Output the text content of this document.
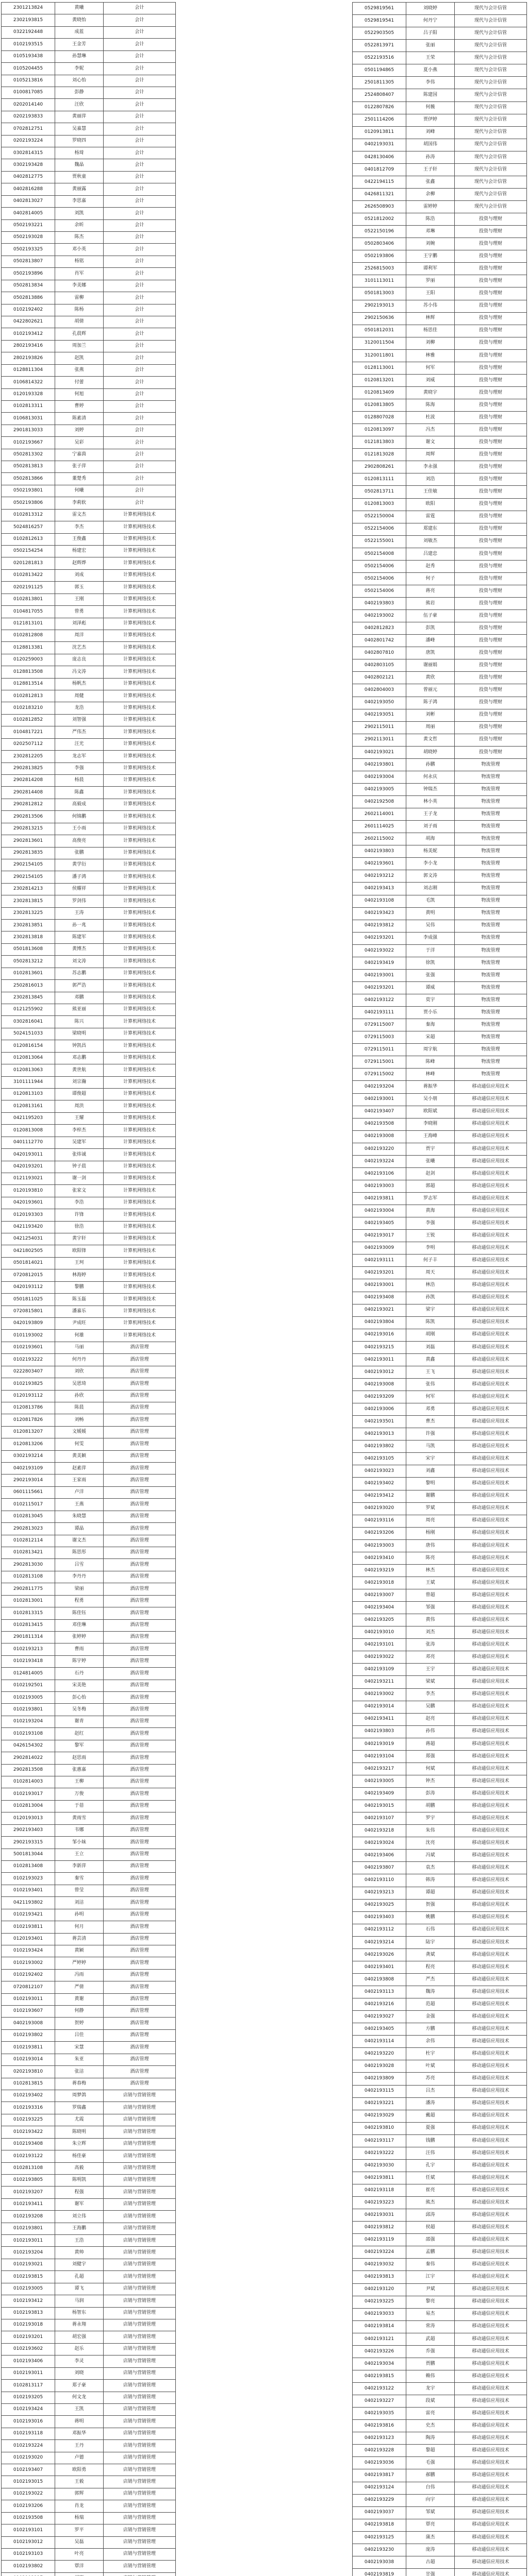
2301213824	黄曦	会计
2302193815	黄晓怡	会计
0322192448	成蓝	会计
0102193515	王金芳	会计
0105193438	孙慧琳	会计
0105204455	李妮	会计
0105213816	刘心怡	会计
0100817085	彭静	会计
0202014140	汪欣	会计
0202193833	黄丽萍	会计
0702812751	吴嘉慧	会计
0202193224	罗晓四	会计
0302814315	杨琦	会计
0302193428	魏晶	会计
0402812775	贾秋童	会计
0402816288	黄丽露	会计
0402813027	李思嘉	会计
0402814005	刘凯	会计
0502193221	余昕	会计
0502193028	陈杰	会计
0502193325	邓小英	会计
0502813807	杨铭	会计
0502193896	肖军	会计
0502813834	李美娜	会计
0502813886	雷柳	会计
0102192402	陈杨	会计
0422802621	胡倩	会计
0102193412	孔晨辉	会计
2802193416	周加兰	会计
2802193826	赵凯	会计
0128811304	张燕	会计
0106814322	付蕾	会计
0120193328	何旭	会计
0102813311	曹婷	会计
0106813031	陈素清	会计
2901813033	刘婷	会计
0102193667	吴彩	会计
0502813302	宁嘉茵	会计
0502813813	张子萍	会计
0502813866	董楚秀	会计
0502193801	何曦	会计
0502193806	李莉软	会计
0102813312	雷文杰	计算机网络技术
5024816257	李杰	计算机网络技术
0102812613	王俊鑫	计算机网络技术
0502154254	杨建宏	计算机网络技术
0201281813	赵辉烨	计算机网络技术
0102813422	刘成	计算机网络技术
0202191125	郭玉	计算机网络技术
0102813801	王刚	计算机网络技术
0104817055	曾勇	计算机网络技术
0121813101	刘泽彪	计算机网络技术
0102812808	周洋	计算机网络技术
0128813381	沈艺杰	计算机网络技术
0120259003	庞志良	计算机网络技术
0128813508	冯文涛	计算机网络技术
0128813514	杨帆杰	计算机网络技术
0102812813	周健	计算机网络技术
0102183210	龙浩	计算机网络技术
0102812852	刘智强	计算机网络技术
0104817221	严伟杰	计算机网络技术
0202507112	汪光	计算机网络技术
2302812205	龙志军	计算机网络技术
2902813825	李强	计算机网络技术
2902814208	杨晨	计算机网络技术
2902814408	陈鑫	计算机网络技术
2902812812	高毅成	计算机网络技术
2902813506	何锦鹏	计算机网络技术
2902813215	王小雨	计算机网络技术
2902813601	高俊亮	计算机网络技术
2902813835	张鹏	计算机网络技术
2902154105	黄学衍	计算机网络技术
2902154105	潘子鸿	计算机网络技术
2302814213	侯耀祥	计算机网络技术
2302813815	罗剑伟	计算机网络技术
2302813225	王涛	计算机网络技术
2302813851	孙一兆	计算机网络技术
2302813818	陈建军	计算机网络技术
0501813608	黄博杰	计算机网络技术
0502813212	刘文涛	计算机网络技术
0102813601	苏志鹏	计算机网络技术
2502816013	郭严浩	计算机网络技术
2302813845	邓鹏	计算机网络技术
0121255902	熊亚丽	计算机网络技术
0302816041	陈兴	计算机网络技术
5024151033	梁晓明	计算机网络技术
0120816154	钟凯昌	计算机网络技术
0120813064	邓志鹏	计算机网络技术
0120813063	黄世航	计算机网络技术
3101111944	刘宗瀚	计算机网络技术
0120813103	谭俊超	计算机网络技术
0120813161	周洪	计算机网络技术
0421195203	王耀	计算机网络技术
0120813008	李梓杰	计算机网络技术
0401112770	吴建军	计算机网络技术
0420193011	张炜诚	计算机网络技术
0420193201	钟子晨	计算机网络技术
0121193021	谢一剑	计算机网络技术
0120193810	张家文	计算机网络技术
0420193601	李浩	计算机网络技术
0120193303	许锋	计算机网络技术
0421193420	徐浩	计算机网络技术
0421254031	黄宇轩	计算机网络技术
0421802505	欧阳锋	计算机网络技术
0501814021	王珂	计算机网络技术
0720812015	林海婷	计算机网络技术
0420193112	黎鹏	计算机网络技术
0501811025	陈玉磊	计算机网络技术
0720815801	潘嘉乐	计算机网络技术
0420193809	尹成旺	计算机网络技术
0101193002	何雄	计算机网络技术
0102193601	马丽	酒店管理
0102193222	何丹丹	酒店管理
0222803407	刘欣	酒店管理
0102193825	吴恩琦	酒店管理
0120193112	孙欣	酒店管理
0120813786	陈晨	酒店管理
0120817826	刘畅	酒店管理
0120813207	文媛媛	酒店管理
0120813206	何雯	酒店管理
0302193214	黄美颖	酒店管理
0402193109	赵素萍	酒店管理
2902193014	王家雨	酒店管理
0601115661	卢洋	酒店管理
0102115017	王燕	酒店管理
0102813045	朱晓慧	酒店管理
2902813023	谭晶	酒店管理
0102812114	谢文杰	酒店管理
0102813421	陈思彤	酒店管理
2902813030	吕雪	酒店管理
0102813108	李丹丹	酒店管理
2902811775	梁丽	酒店管理
0102813001	程勇	酒店管理
0102813315	陈佳钰	酒店管理
0102813415	邓佳琳	酒店管理
2901811314	张婷婷	酒店管理
0102193213	曹雨	酒店管理
0102193418	陈宇婷	酒店管理
0124814005	石丹	酒店管理
0102192501	宋美艳	酒店管理
0102193005	彭心怡	酒店管理
0102193801	吴冬梅	酒店管理
0102193204	谢青	酒店管理
0102193108	赵红	酒店管理
0426154302	黎军	酒店管理
2902814022	赵思雨	酒店管理
2902813508	张惠嘉	酒店管理
0102814003	王柳	酒店管理
0102193017	万俊	酒店管理
0102813004	于蓓	酒店管理
0120193013	黄雨雪	酒店管理
2902193403	韦娜	酒店管理
2902193315	邹小妹	酒店管理
5001813044	王立	酒店管理
0102813408	李新萍	酒店管理
0102193023	秦雪	酒店管理
0102193401	曾莹	酒店管理
0421193802	刘洁	酒店管理
0102193421	孙明	酒店管理
0102193811	何月	酒店管理
0120193401	蒋芸清	酒店管理
0102193424	黄颖	酒店管理
0102193002	严婷婷	酒店管理
0102192402	冯雨	酒店管理
0720812107	严倩	酒店管理
0102193011	黄谢	酒店管理
0102193607	何静	酒店管理
0402193008	贺婷	酒店管理
0102193802	吕佳	酒店管理
0102193811	宋慧	酒店管理
0102193014	朱亚	酒店管理
0202193810	张洁	酒店管理
0102813815	蒋春梅	酒店管理
0102193402	周梦鸽	店销与营销管理
0102193316	罗瑞鑫	店销与营销管理
0102193225	尤霞	店销与营销管理
0102193422	陈晓明	店销与营销管理
0102193408	朱立辉	店销与营销管理
0102193122	杨佳豪	店销与营销管理
0102813108	高毅	店销与营销管理
0102193805	陈明凯	店销与营销管理
0102193207	程强	店销与营销管理
0102193411	谢军	店销与营销管理
0102193208	刘立伟	店销与营销管理
0102193801	王海鹏	店销与营销管理
0102193011	王浩	店销与营销管理
0102193204	黄帅	店销与营销管理
0102193021	刘健宇	店销与营销管理
0102193815	孔超	店销与营销管理
0102193005	谭飞	店销与营销管理
0102193412	马润	店销与营销管理
0102193813	杨智东	店销与营销管理
0102193018	蒋永翔	店销与营销管理
0102193201	胡宏强	店销与营销管理
0102193602	赵乐	店销与营销管理
0102193406	李灵	店销与营销管理
0102193011	刘晓	店销与营销管理
0102813117	郑子豪	店销与营销管理
0102193205	何文龙	店销与营销管理
0102193424	王凯	店销与营销管理
0102193016	蒋明	店销与营销管理
0102193118	邓振华	店销与营销管理
0102193224	王丹	店销与营销管理
0102193020	卢德	店销与营销管理
0102193407	欧阳勇	店销与营销管理
0102193015	王毅	店销与营销管理
0102193022	郭辉	店销与营销管理
0102193206	肖龙	店销与营销管理
0102193508	杨瑞	店销与营销管理
0102193101	罗平	店销与营销管理
0102193012	吴磊	店销与营销管理
0102193103	叶亮	店销与营销管理
0102193802	覃洋	店销与营销管理

0529819561	刘晓婷	现代与会计信管
0529819541	何丹宁	现代与会计信管
0522903505	吕子阳	现代与会计信管
0522813971	张丽	现代与会计信管
0522193516	王荣	现代与会计信管
0501194865	夏小燕	现代与会计信管
2501811305	李伟	现代与会计信管
2524808407	陈建国	现代与会计信管
0122807826	何薇	现代与会计信管
2501114206	贾伊婷	现代与会计信管
0120913811	刘峰	现代与会计信管
0402193031	胡国伟	现代与会计信管
0428130406	孙涛	现代与会计信管
0401812709	王子轩	现代与会计信管
0422194115	张鑫	现代与会计信管
0426811321	余柳	现代与会计信管
2626508903	雷婷婷	现代与会计信管
0521812002	陈浩	投资与理财
0522150196	邓琳	投资与理财
0502803406	刘婉	投资与理财
0502193806	王宇鹏	投资与理财
2526815003	谭利军	投资与理财
3101113011	罗丽	投资与理财
0501813003	王阳	投资与理财
2902193013	苏小伟	投资与理财
2902150636	林辉	投资与理财
0501812031	杨思佳	投资与理财
3120011504	刘柳	投资与理财
3120011801	林雅	投资与理财
0128113001	何军	投资与理财
0120813201	刘威	投资与理财
0120813409	黄晓宇	投资与理财
0120813805	陈海	投资与理财
0128807028	杜波	投资与理财
0120813097	冯杰	投资与理财
0121813803	谢文	投资与理财
0121813028	周辉	投资与理财
2902808261	李永强	投资与理财
0120813111	刘浩	投资与理财
0502813711	王佳敏	投资与理财
0120813003	欧阳	投资与理财
0522150004	雷霆	投资与理财
0522154006	郑建东	投资与理财
0522155001	刘敏杰	投资与理财
0502154008	吕建忠	投资与理财
0502154006	赵秀	投资与理财
0502154006	何子	投资与理财
0502154006	蒋亮	投资与理财
0402193803	熊岩	投资与理财
0402193002	伍子豪	投资与理财
0402812823	彭凯	投资与理财
0402801742	潘峰	投资与理财
0402807810	唐凯	投资与理财
0402803105	谢丽娟	投资与理财
0402802121	黄欣	投资与理财
0402804003	曾丽元	投资与理财
0402193050	陈子鸿	投资与理财
0402193051	刘彬	投资与理财
2902115011	周丽	投资与理财
2902113011	黄文哲	投资与理财
0402193021	胡晓婷	投资与理财
0402193801	孙鹏	物流管理
0402193004	何永庆	物流管理
0402193005	钟瑞杰	物流管理
0402192508	林小英	物流管理
2602114001	王子龙	物流管理
2601114025	刘子雨	物流管理
2602115002	胡海	物流管理
0402193803	杨美妮	物流管理
0402193601	李小龙	物流管理
0402193212	郭文涛	物流管理
0402193413	刘志刚	物流管理
0402193108	毛凯	物流管理
0402193423	黄明	物流管理
0402193812	吴伟	物流管理
0402193201	李成强	物流管理
0402193022	于洋	物流管理
0402193419	徐凯	物流管理
0402193001	张强	物流管理
0402193201	谭威	物流管理
0402193122	莫宇	物流管理
0402193111	贾小乐	物流管理
0729115007	秦海	物流管理
0729115003	宋超	物流管理
0729115011	周宇航	物流管理
0729115001	陈峰	物流管理
0729115002	林峰	物流管理
0402193204	蒋振华	移动通信应用技术
0402193001	吴小朋	移动通信应用技术
0402193407	欧阳斌	移动通信应用技术
0402193508	李晓刚	移动通信应用技术
0402193008	王海峰	移动通信应用技术
0402193220	贾宇	移动通信应用技术
0402193224	张曦	移动通信应用技术
0402193106	赵剑	移动通信应用技术
0402193003	郭超	移动通信应用技术
0402193811	罗志军	移动通信应用技术
0402193004	黄海	移动通信应用技术
0402193405	李强	移动通信应用技术
0402193017	王锐	移动通信应用技术
0402193009	李明	移动通信应用技术
0402193111	何子丰	移动通信应用技术
0402193201	周天	移动通信应用技术
0402193001	林浩	移动通信应用技术
0402193408	孙凯	移动通信应用技术
0402193021	梁宇	移动通信应用技术
0402193804	陈凯	移动通信应用技术
0402193016	胡刚	移动通信应用技术
0402193215	刘磊	移动通信应用技术
0402193011	黄鑫	移动通信应用技术
0402193012	王飞	移动通信应用技术
0402193008	张伟	移动通信应用技术
0402193209	何军	移动通信应用技术
0402193006	邓勇	移动通信应用技术
0402193501	曹杰	移动通信应用技术
0402193013	许强	移动通信应用技术
0402193802	马凯	移动通信应用技术
0402193105	宋宇	移动通信应用技术
0402193023	刘鑫	移动通信应用技术
0402193402	黎明	移动通信应用技术
0402193412	谢鹏	移动通信应用技术
0402193020	罗斌	移动通信应用技术
0402193116	周亮	移动通信应用技术
0402193206	杨刚	移动通信应用技术
0402193003	唐伟	移动通信应用技术
0402193410	陈亮	移动通信应用技术
0402193219	林杰	移动通信应用技术
0402193018	王斌	移动通信应用技术
0402193007	曾超	移动通信应用技术
0402193404	邹强	移动通信应用技术
0402193205	黄伟	移动通信应用技术
0402193010	刘杰	移动通信应用技术
0402193101	张涛	移动通信应用技术
0402193022	邓亮	移动通信应用技术
0402193109	王宇	移动通信应用技术
0402193211	梁斌	移动通信应用技术
0402193002	李杰	移动通信应用技术
0402193014	吴鹏	移动通信应用技术
0402193411	赵亮	移动通信应用技术
0402193803	孙伟	移动通信应用技术
0402193019	蒋超	移动通信应用技术
0402193104	郑强	移动通信应用技术
0402193217	何斌	移动通信应用技术
0402193005	钟杰	移动通信应用技术
0402193409	彭涛	移动通信应用技术
0402193015	胡鹏	移动通信应用技术
0402193107	罗宇	移动通信应用技术
0402193218	朱伟	移动通信应用技术
0402193024	沈亮	移动通信应用技术
0402193406	冯斌	移动通信应用技术
0402193807	袁杰	移动通信应用技术
0402193110	韩涛	移动通信应用技术
0402193213	谭超	移动通信应用技术
0402193025	贺强	移动通信应用技术
0402193403	姚鹏	移动通信应用技术
0402193112	石伟	移动通信应用技术
0402193214	陆宇	移动通信应用技术
0402193026	龚斌	移动通信应用技术
0402193401	程亮	移动通信应用技术
0402193808	严杰	移动通信应用技术
0402193113	魏涛	移动通信应用技术
0402193216	范超	移动通信应用技术
0402193027	金强	移动通信应用技术
0402193405	方鹏	移动通信应用技术
0402193114	余伟	移动通信应用技术
0402193220	杜宇	移动通信应用技术
0402193028	叶斌	移动通信应用技术
0402193809	苏亮	移动通信应用技术
0402193115	吕杰	移动通信应用技术
0402193221	潘涛	移动通信应用技术
0402193029	戴超	移动通信应用技术
0402193810	夏强	移动通信应用技术
0402193117	钱鹏	移动通信应用技术
0402193222	汪伟	移动通信应用技术
0402193030	孔宇	移动通信应用技术
0402193811	任斌	移动通信应用技术
0402193118	崔亮	移动通信应用技术
0402193223	熊杰	移动通信应用技术
0402193031	邱涛	移动通信应用技术
0402193812	侯超	移动通信应用技术
0402193119	邵强	移动通信应用技术
0402193224	孟鹏	移动通信应用技术
0402193032	秦伟	移动通信应用技术
0402193813	江宇	移动通信应用技术
0402193120	尹斌	移动通信应用技术
0402193225	黎亮	移动通信应用技术
0402193033	易杰	移动通信应用技术
0402193814	常涛	移动通信应用技术
0402193121	武超	移动通信应用技术
0402193226	乔强	移动通信应用技术
0402193034	贾鹏	移动通信应用技术
0402193815	赖伟	移动通信应用技术
0402193122	龙宇	移动通信应用技术
0402193227	段斌	移动通信应用技术
0402193035	雷亮	移动通信应用技术
0402193816	史杰	移动通信应用技术
0402193123	陶涛	移动通信应用技术
0402193228	黎超	移动通信应用技术
0402193036	毛强	移动通信应用技术
0402193817	郝鹏	移动通信应用技术
0402193124	白伟	移动通信应用技术
0402193229	向宇	移动通信应用技术
0402193037	邹斌	移动通信应用技术
0402193818	覃亮	移动通信应用技术
0402193125	蒲杰	移动通信应用技术
0402193230	庞涛	移动通信应用技术
0402193038	古超	移动通信应用技术
0402193819	甘强	移动通信应用技术
